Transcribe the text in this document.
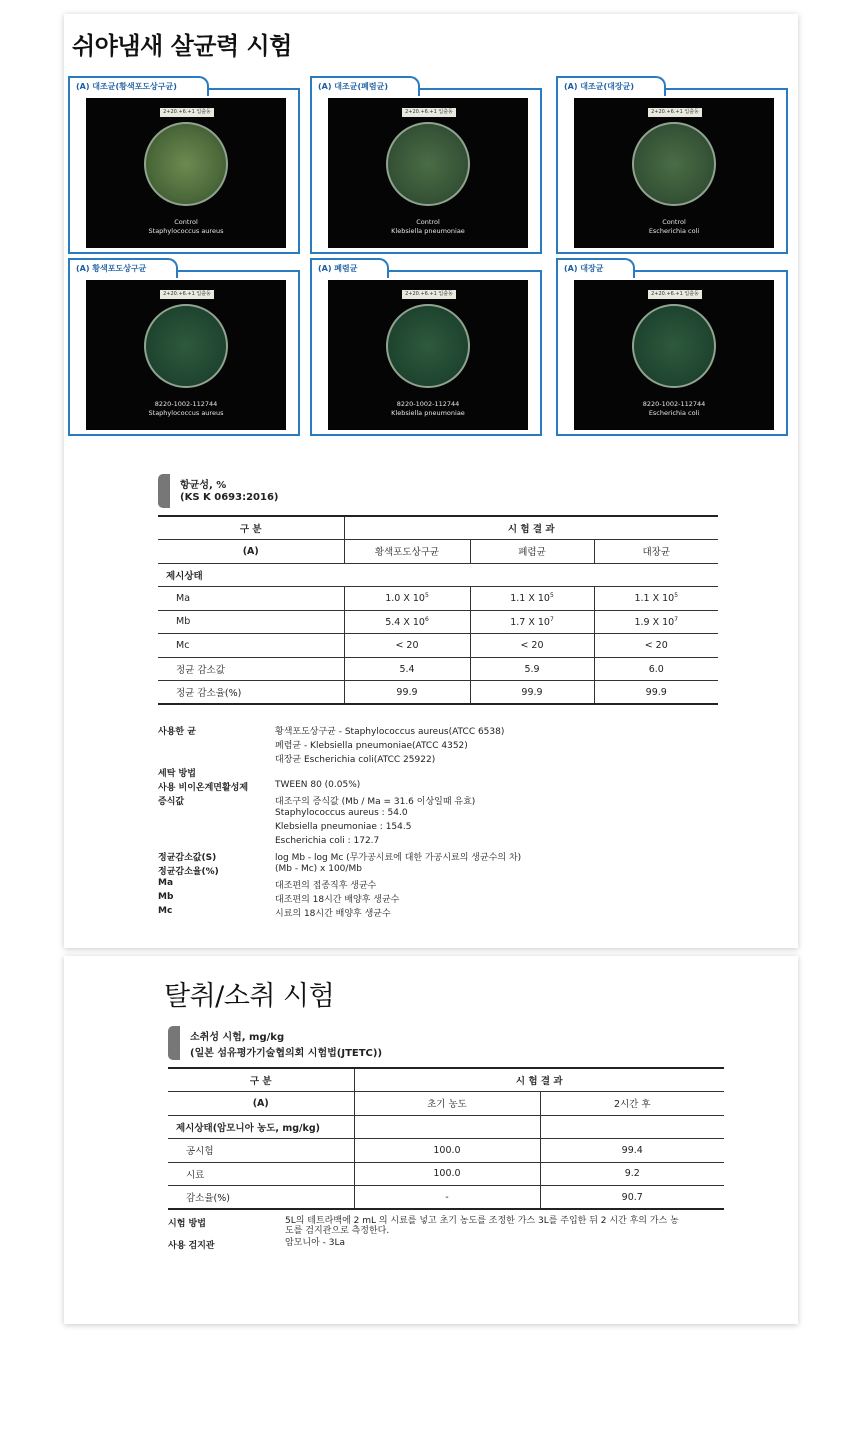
쉬야냄새 살균력 시험
(A) 대조균(황색포도상구균)
2+20.+6.+1 입출동
Control
Staphylococcus aureus
(A) 대조균(폐렴균)
2+20.+6.+1 입출동
Control
Klebsiella pneumoniae
(A) 대조균(대장균)
2+20.+6.+1 입출동
Control
Escherichia coli
(A) 황색포도상구균
2+20.+6.+1 입출동
8220-1002-112744
Staphylococcus aureus
(A) 폐렴균
2+20.+6.+1 입출동
8220-1002-112744
Klebsiella pneumoniae
(A) 대장균
2+20.+6.+1 입출동
8220-1002-112744
Escherichia coli
항균성, %
(KS K 0693:2016)
구 분	시 험 결 과		
(A)	황색포도상구균	폐렴균	대장균
제시상태			
Ma	1.0 X $10^5$	1.1 X $10^5$	1.1 X $10^5$
Mb	5.4 X $10^6$	1.7 X $10^7$	1.9 X $10^7$
Mc	< 20	< 20	< 20
정균 감소값	5.4	5.9	6.0
정균 감소율(%)	99.9	99.9	99.9
사용한 균	황색포도상구균 - Staphylococcus aureus(ATCC 6538)
폐렴균 - Klebsiella pneumoniae(ATCC 4352)
대장균 Escherichia coli(ATCC 25922)
세탁 방법
사용 비이온계면활성제	TWEEN 80 (0.05%)
증식값	대조구의 증식값 (Mb / Ma = 31.6 이상일때 유효)
Staphylococcus aureus : 54.0
Klebsiella pneumoniae : 154.5
Escherichia coli : 172.7
정균감소값(S)	log Mb - log Mc (무가공시료에 대한 가공시료의 생균수의 차)
정균감소율(%)	(Mb - Mc) x 100/Mb
Ma	대조편의 접종직후 생균수
Mb	대조편의 18시간 배양후 생균수
Mc	시료의 18시간 배양후 생균수
탈취/소취 시험
소취성 시험, mg/kg
(일본 섬유평가기술협의회 시험법(JTETC))
구 분	시 험 결 과	
(A)	초기 농도	2시간 후
제시상태(암모니아 농도, mg/kg)		
공시험	100.0	99.4
시료	100.0	9.2
감소율(%)	-	90.7
시험 방법	5L의 테트라백에 2 mL 의 시료를 넣고 초기 농도를 조정한 가스 3L를 주입한 뒤 2 시간 후의 가스 농
도를 검지관으로 측정한다.
사용 검지관	암모니아 - 3La
